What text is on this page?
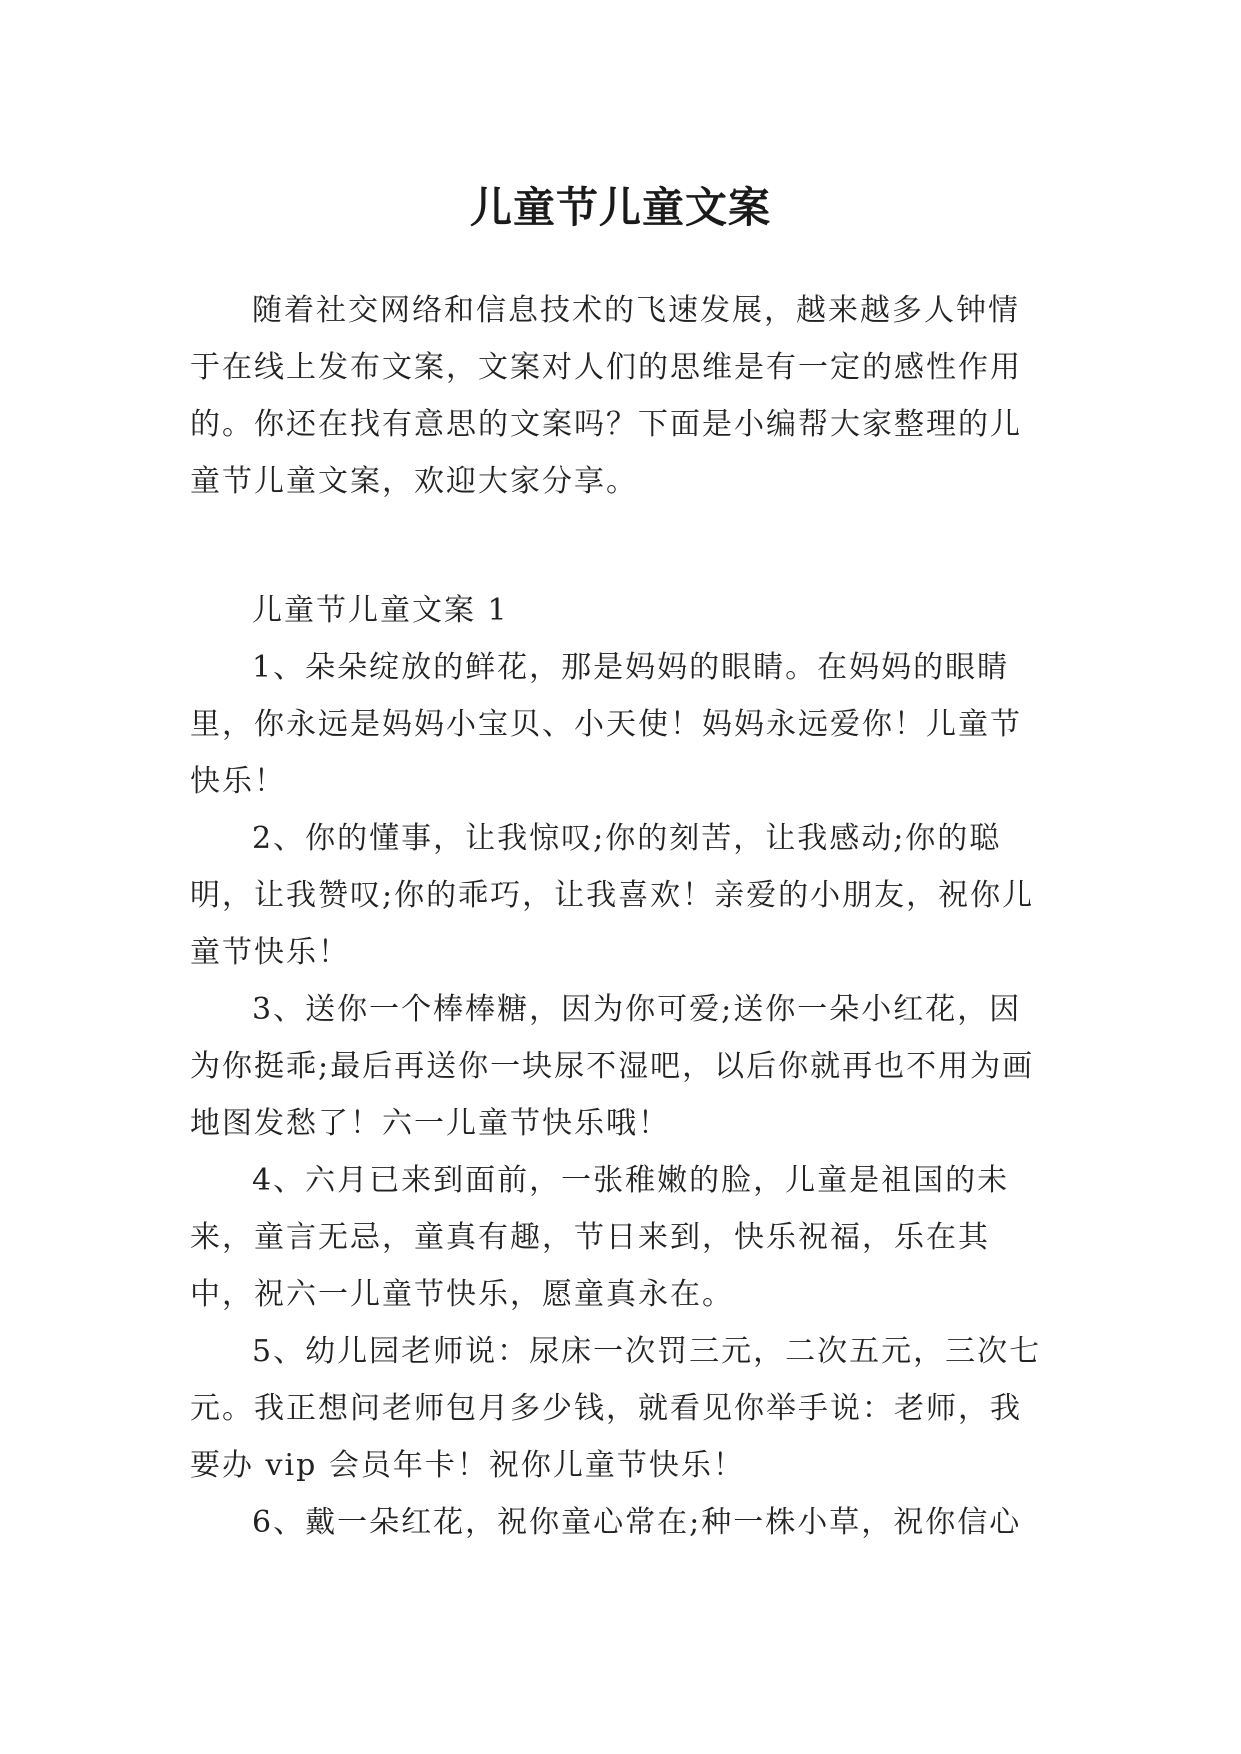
儿童节儿童文案

随着社交网络和信息技术的飞速发展，越来越多人钟情于在线上发布文案，文案对人们的思维是有一定的感性作用的。你还在找有意思的文案吗？下面是小编帮大家整理的儿童节儿童文案，欢迎大家分享。

儿童节儿童文案 1

1、朵朵绽放的鲜花，那是妈妈的眼睛。在妈妈的眼睛里，你永远是妈妈小宝贝、小天使！妈妈永远爱你！儿童节快乐！

2、你的懂事，让我惊叹;你的刻苦，让我感动;你的聪明，让我赞叹;你的乖巧，让我喜欢！亲爱的小朋友，祝你儿童节快乐！

3、送你一个棒棒糖，因为你可爱;送你一朵小红花，因为你挺乖;最后再送你一块尿不湿吧，以后你就再也不用为画地图发愁了！六一儿童节快乐哦！

4、六月已来到面前，一张稚嫩的脸，儿童是祖国的未来，童言无忌，童真有趣，节日来到，快乐祝福，乐在其中，祝六一儿童节快乐，愿童真永在。

5、幼儿园老师说：尿床一次罚三元，二次五元，三次七元。我正想问老师包月多少钱，就看见你举手说：老师，我要办 vip 会员年卡！祝你儿童节快乐！

6、戴一朵红花，祝你童心常在;种一株小草，祝你信心
